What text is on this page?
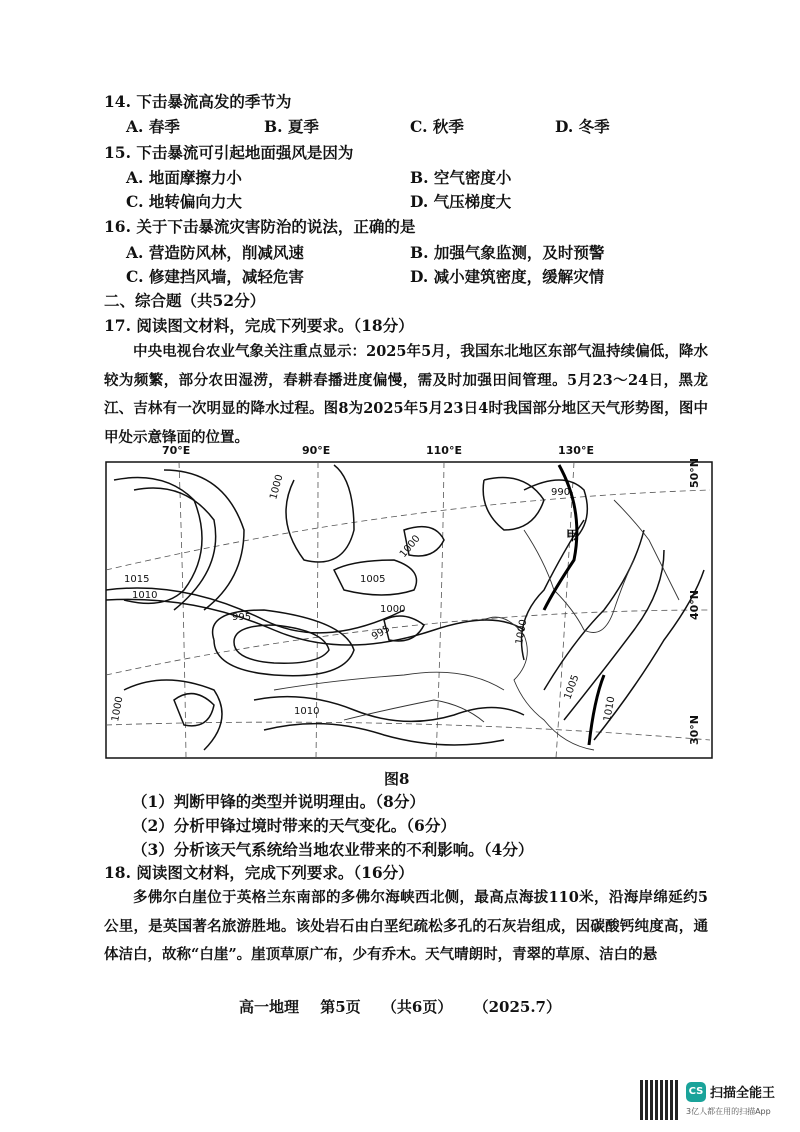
14. 下击暴流高发的季节为
A. 春季	B. 夏季	C. 秋季	D. 冬季
15. 下击暴流可引起地面强风是因为
A. 地面摩擦力小	B. 空气密度小
C. 地转偏向力大	D. 气压梯度大
16. 关于下击暴流灾害防治的说法，正确的是
A. 营造防风林，削减风速	B. 加强气象监测，及时预警
C. 修建挡风墙，减轻危害	D. 减小建筑密度，缓解灾情
二、综合题（共52分）
17. 阅读图文材料，完成下列要求。（18分）
中央电视台农业气象关注重点显示：2025年5月，我国东北地区东部气温持续偏低，降水较为频繁，部分农田湿涝，春耕春播进度偏慢，需及时加强田间管理。5月23～24日，黑龙江、吉林有一次明显的降水过程。图8为2025年5月23日4时我国部分地区天气形势图，图中甲处示意锋面的位置。
70°E	90°E	110°E	130°E
50°N
40°N
30°N
1000	990
1000
1005
1015
1010
995
1000
995	1000
1005
1010	1010
1000
甲
图8
（1）判断甲锋的类型并说明理由。（8分）
（2）分析甲锋过境时带来的天气变化。（6分）
（3）分析该天气系统给当地农业带来的不利影响。（4分）
18. 阅读图文材料，完成下列要求。（16分）
多佛尔白崖位于英格兰东南部的多佛尔海峡西北侧，最高点海拔110米，沿海岸绵延约5公里，是英国著名旅游胜地。该处岩石由白垩纪疏松多孔的石灰岩组成，因碳酸钙纯度高，通体洁白，故称“白崖”。崖顶草原广布，少有乔木。天气晴朗时，青翠的草原、洁白的悬
高一地理 第5页 （共6页） （2025.7）
CS 扫描全能王
3亿人都在用的扫描App
